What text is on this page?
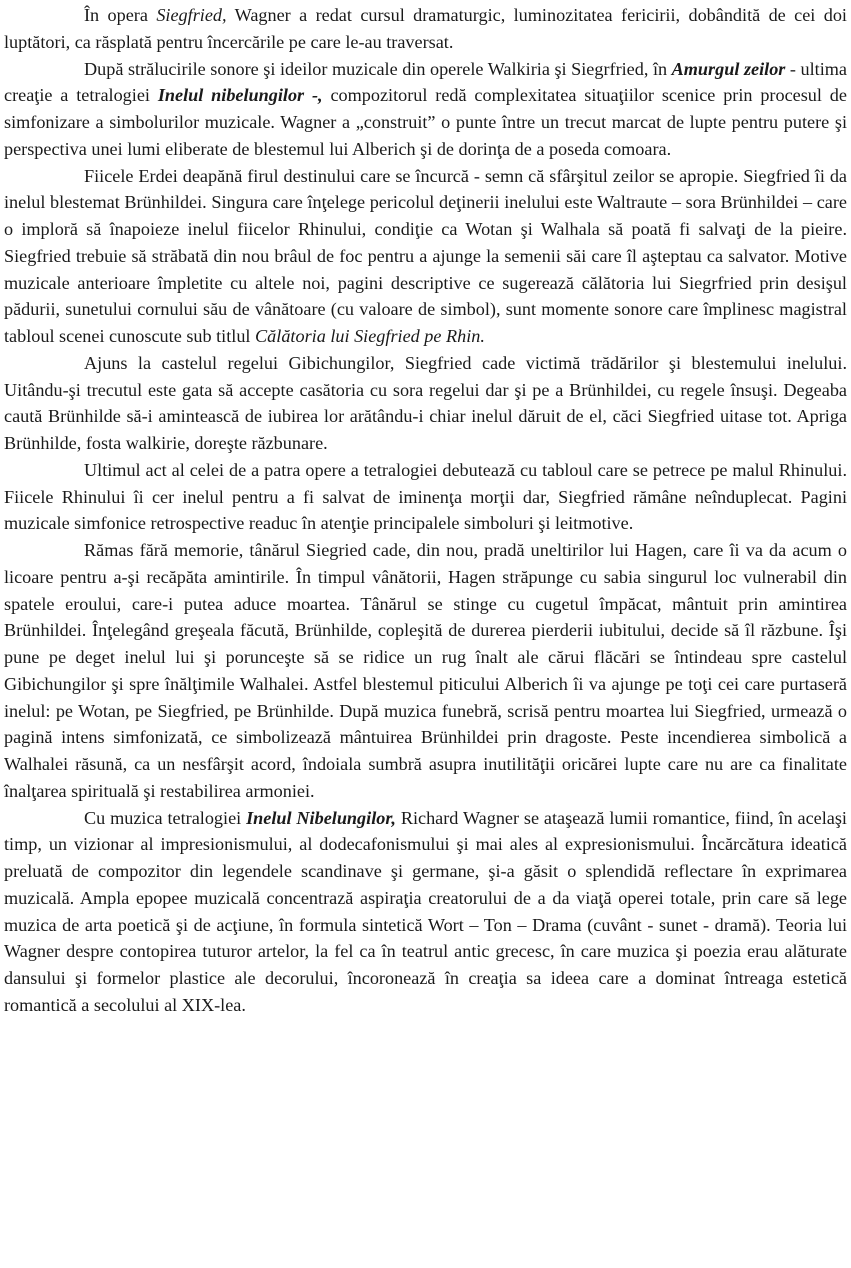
În opera Siegfried, Wagner a redat cursul dramaturgic, luminozitatea fericirii, dobândită de cei doi luptători, ca răsplată pentru încercările pe care le-au traversat.

După strălucirile sonore şi ideilor muzicale din operele Walkiria şi Siegrfried, în Amurgul zeilor - ultima creaţie a tetralogiei Inelul nibelungilor -, compozitorul redă complexitatea situaţiilor scenice prin procesul de simfonizare a simbolurilor muzicale. Wagner a „construit” o punte între un trecut marcat de lupte pentru putere şi perspectiva unei lumi eliberate de blestemul lui Alberich şi de dorinţa de a poseda comoara.

Fiicele Erdei deapănă firul destinului care se încurcă - semn că sfârşitul zeilor se apropie. Siegfried îi da inelul blestemat Brünhildei. Singura care înţelege pericolul deţinerii inelului este Waltraute – sora Brünhildei – care o imploră să înapoieze inelul fiicelor Rhinului, condiţie ca Wotan şi Walhala să poată fi salvaţi de la pieire. Siegfried trebuie să străbată din nou brâul de foc pentru a ajunge la semenii săi care îl aşteptau ca salvator. Motive muzicale anterioare împletite cu altele noi, pagini descriptive ce sugerează călătoria lui Siegrfried prin desişul pădurii, sunetului cornului său de vânătoare (cu valoare de simbol), sunt momente sonore care împlinesc magistral tabloul scenei cunoscute sub titlul Călătoria lui Siegfried pe Rhin.

Ajuns la castelul regelui Gibichungilor, Siegfried cade victimă trădărilor şi blestemului inelului. Uitându-şi trecutul este gata să accepte casătoria cu sora regelui dar şi pe a Brünhildei, cu regele însuşi. Degeaba caută Brünhilde să-i amintească de iubirea lor arătându-i chiar inelul dăruit de el, căci Siegfried uitase tot. Apriga Brünhilde, fosta walkirie, doreşte răzbunare.

Ultimul act al celei de a patra opere a tetralogiei debutează cu tabloul care se petrece pe malul Rhinului. Fiicele Rhinului îi cer inelul pentru a fi salvat de iminenţa morţii dar, Siegfried rămâne neînduplecat. Pagini muzicale simfonice retrospective readuc în atenţie principalele simboluri şi leitmotive.

Rămas fără memorie, tânărul Siegried cade, din nou, pradă uneltirilor lui Hagen, care îi va da acum o licoare pentru a-şi recăpăta amintirile. În timpul vânătorii, Hagen străpunge cu sabia singurul loc vulnerabil din spatele eroului, care-i putea aduce moartea. Tânărul se stinge cu cugetul împăcat, mântuit prin amintirea Brünhildei. Înţelegând greşeala făcută, Brünhilde, copleşită de durerea pierderii iubitului, decide să îl răzbune. Îşi pune pe deget inelul lui şi porunceşte să se ridice un rug înalt ale cărui flăcări se întindeau spre castelul Gibichungilor şi spre înălţimile Walhalei. Astfel blestemul piticului Alberich îi va ajunge pe toţi cei care purtaseră inelul: pe Wotan, pe Siegfried, pe Brünhilde. După muzica funebră, scrisă pentru moartea lui Siegfried, urmează o pagină intens simfonizată, ce simbolizează mântuirea Brünhildei prin dragoste. Peste incendierea simbolică a Walhalei răsună, ca un nesfârşit acord, îndoiala sumbră asupra inutilităţii oricărei lupte care nu are ca finalitate înalţarea spirituală şi restabilirea armoniei.

Cu muzica tetralogiei Inelul Nibelungilor, Richard Wagner se ataşează lumii romantice, fiind, în acelaşi timp, un vizionar al impresionismului, al dodecafonismului şi mai ales al expresionismului. Încărcătura ideatică preluată de compozitor din legendele scandinave şi germane, şi-a găsit o splendidă reflectare în exprimarea muzicală. Ampla epopee muzicală concentrază aspiraţia creatorului de a da viaţă operei totale, prin care să lege muzica de arta poetică şi de acţiune, în formula sintetică Wort – Ton – Drama (cuvânt - sunet - dramă). Teoria lui Wagner despre contopirea tuturor artelor, la fel ca în teatrul antic grecesc, în care muzica şi poezia erau alăturate dansului şi formelor plastice ale decorului, încoronează în creaţia sa ideea care a dominat întreaga estetică romantică a secolului al XIX-lea.
